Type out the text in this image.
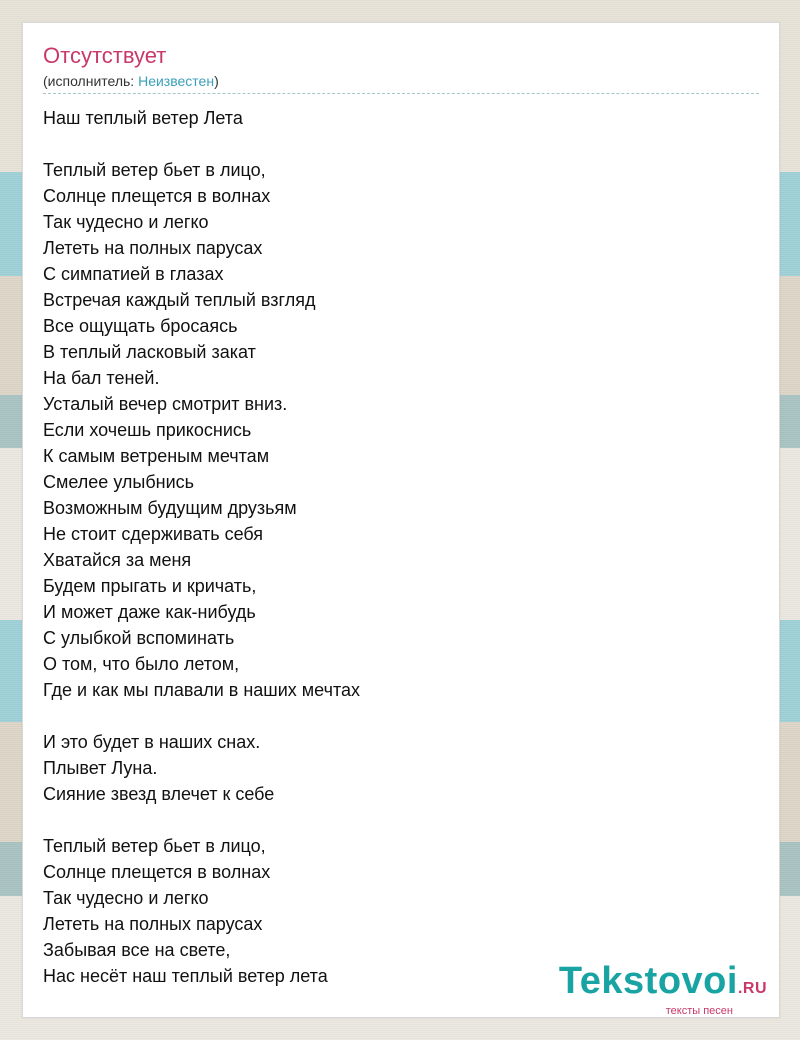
Отсутствует
(исполнитель: Неизвестен)
Наш теплый ветер Лета
Теплый ветер бьет в лицо,
Солнце плещется в волнах
Так чудесно и легко
Лететь на полных парусах
С симпатией в глазах
Встречая каждый теплый взгляд
Все ощущать бросаясь
В теплый ласковый закат
На бал теней.
Усталый вечер смотрит вниз.
Если хочешь прикоснись
К самым ветреным мечтам
Смелее улыбнись
Возможным будущим друзьям
Не стоит сдерживать себя
Хватайся за меня
Будем прыгать и кричать,
И может даже как-нибудь
С улыбкой вспоминать
О том, что было летом,
Где и как мы плавали в наших мечтах
И это будет в наших снах.
Плывет Луна.
Сияние звезд влечет к себе
Теплый ветер бьет в лицо,
Солнце плещется в волнах
Так чудесно и легко
Лететь на полных парусах
Забывая все на свете,
Нас несёт наш теплый ветер лета	Tekstovoi.RU
тексты песен
